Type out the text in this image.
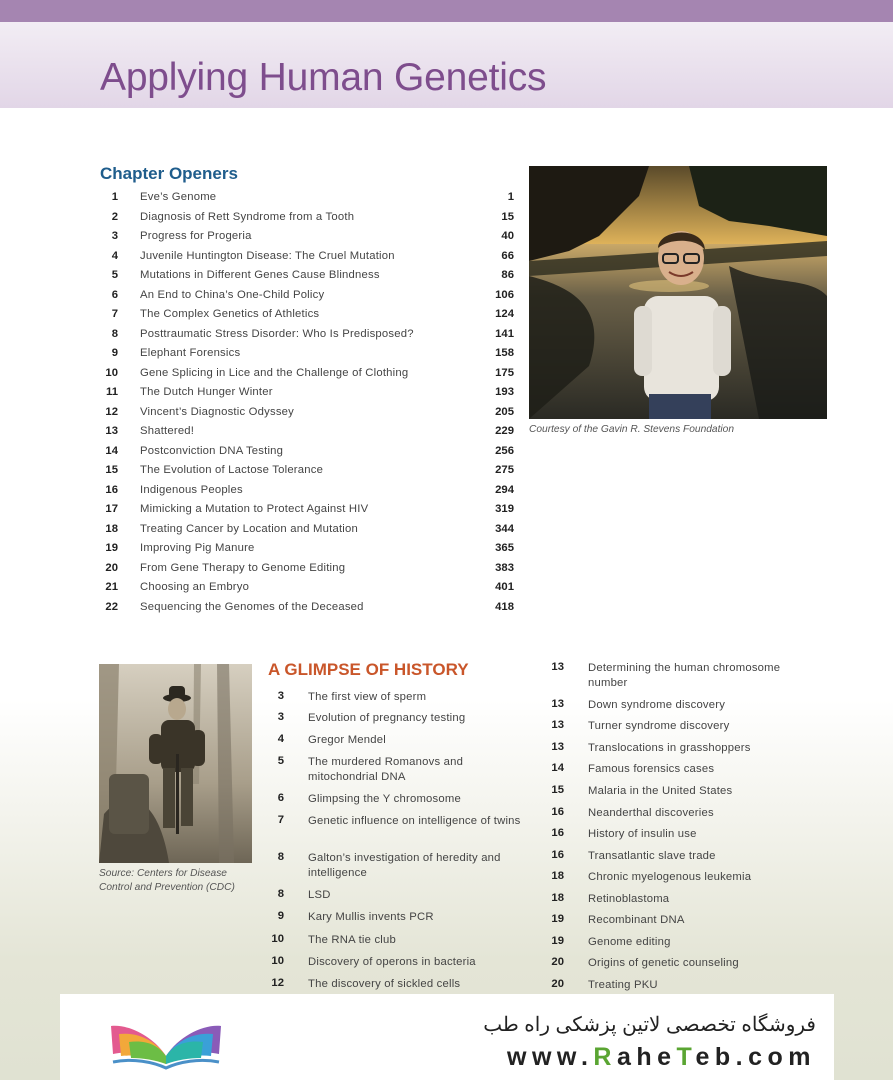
Applying Human Genetics
Chapter Openers
1 Eve’s Genome	1
2 Diagnosis of Rett Syndrome from a Tooth	15
3 Progress for Progeria	40
4 Juvenile Huntington Disease: The Cruel Mutation	66
5 Mutations in Different Genes Cause Blindness	86
6 An End to China’s One-Child Policy	106
7 The Complex Genetics of Athletics	124
8 Posttraumatic Stress Disorder: Who Is Predisposed?	141
9 Elephant Forensics	158
10 Gene Splicing in Lice and the Challenge of Clothing	175
11 The Dutch Hunger Winter	193
12 Vincent’s Diagnostic Odyssey	205
13 Shattered!	229
14 Postconviction DNA Testing	256
15 The Evolution of Lactose Tolerance	275
16 Indigenous Peoples	294
17 Mimicking a Mutation to Protect Against HIV	319
18 Treating Cancer by Location and Mutation	344
19 Improving Pig Manure	365
20 From Gene Therapy to Genome Editing	383
21 Choosing an Embryo	401
22 Sequencing the Genomes of the Deceased	418
Courtesy of the Gavin R. Stevens Foundation
Source: Centers for Disease Control and Prevention (CDC)
A GLIMPSE OF HISTORY
3 The first view of sperm
3 Evolution of pregnancy testing
4 Gregor Mendel
5 The murdered Romanovs and mitochondrial DNA
6 Glimpsing the Y chromosome
7 Genetic influence on intelligence of twins
8 Galton’s investigation of heredity and intelligence
8 LSD
9 Kary Mullis invents PCR
10 The RNA tie club
10 Discovery of operons in bacteria
12 The discovery of sickled cells
13 Determining the human chromosome number
13 Down syndrome discovery
13 Turner syndrome discovery
13 Translocations in grasshoppers
14 Famous forensics cases
15 Malaria in the United States
16 Neanderthal discoveries
16 History of insulin use
16 Transatlantic slave trade
18 Chronic myelogenous leukemia
18 Retinoblastoma
19 Recombinant DNA
19 Genome editing
20 Origins of genetic counseling
20 Treating PKU

فروشگاه تخصصی لاتین پزشکی راه طب

www.RaheTeb.com
